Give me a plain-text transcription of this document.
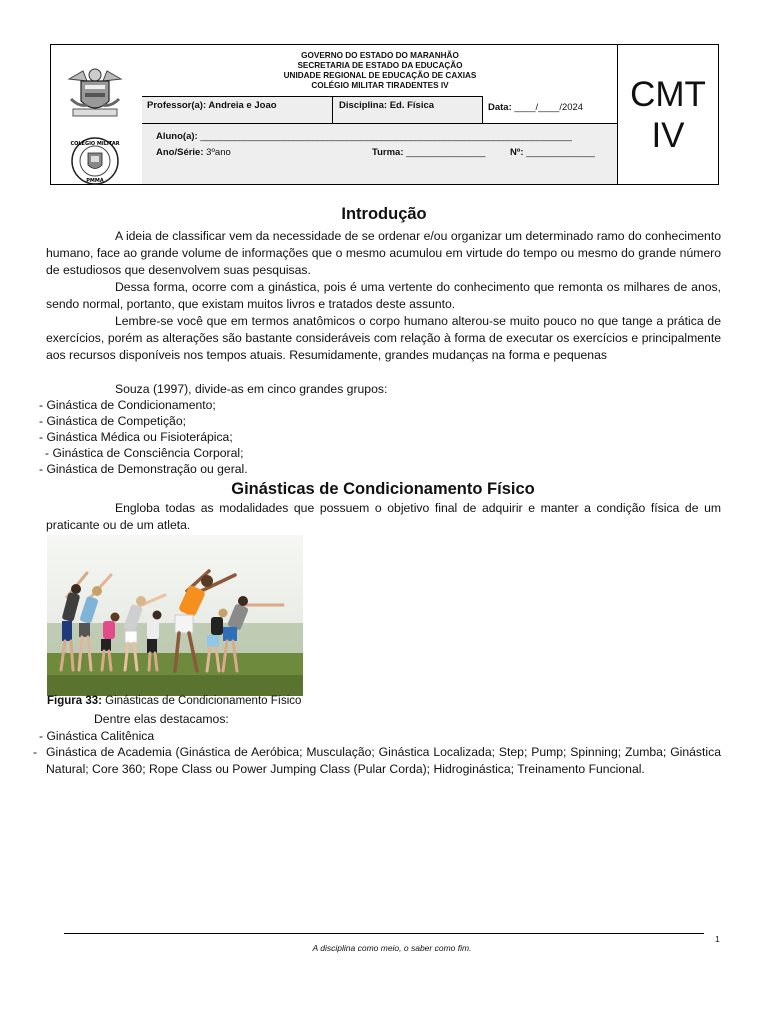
COLÉGIO MILITAR
PMMA
GOVERNO DO ESTADO DO MARANHÃO
SECRETARIA DE ESTADO DA EDUCAÇÃO
UNIDADE REGIONAL DE EDUCAÇÃO DE CAXIAS
COLÉGIO MILITAR TIRADENTES IV
Professor(a): Andreia e Joao	Disciplina: Ed. Física	Data: ____/____/2024
Aluno(a): ____________________________________________________________________________
Ano/Série: 3ºano	Turma: _______________	Nº: _____________
CMT
IV
Introdução
A ideia de classificar vem da necessidade de se ordenar e/ou organizar um determinado ramo do conhecimento humano, face ao grande volume de informações que o mesmo acumulou em virtude do tempo ou mesmo do grande número de estudiosos que desenvolvem suas pesquisas.
Dessa forma, ocorre com a ginástica, pois é uma vertente do conhecimento que remonta os milhares de anos, sendo normal, portanto, que existam muitos livros e tratados deste assunto.
Lembre-se você que em termos anatômicos o corpo humano alterou-se muito pouco no que tange a prática de exercícios, porém as alterações são bastante consideráveis com relação à forma de executar os exercícios e principalmente aos recursos disponíveis nos tempos atuais. Resumidamente, grandes mudanças na forma e pequenas
Souza (1997), divide-as em cinco grandes grupos:
- Ginástica de Condicionamento;
- Ginástica de Competição;
- Ginástica Médica ou Fisioterápica;
- Ginástica de Consciência Corporal;
- Ginástica de Demonstração ou geral.
Ginásticas de Condicionamento Físico
Engloba todas as modalidades que possuem o objetivo final de adquirir e manter a condição física de um praticante ou de um atleta.
Figura 33: Ginásticas de Condicionamento Físico
Dentre elas destacamos:
- Ginástica Calitênica
- Ginástica de Academia (Ginástica de Aeróbica; Musculação; Ginástica Localizada; Step; Pump; Spinning; Zumba; Ginástica Natural; Core 360; Rope Class ou Power Jumping Class (Pular Corda); Hidroginástica; Treinamento Funcional.
1
A disciplina como meio, o saber como fim.
